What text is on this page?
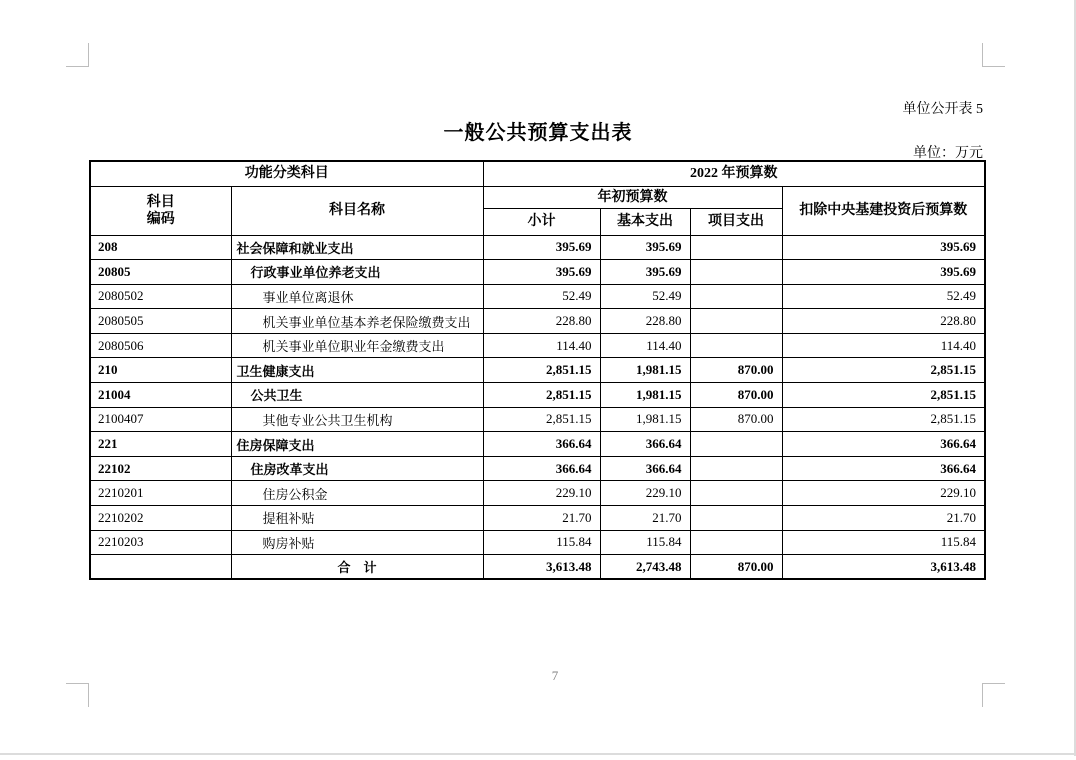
单位公开表 5
一般公共预算支出表
单位：万元
功能分类科目		2022 年预算数			
科目
编码	科目名称	年初预算数			扣除中央基建投资后预算数
		小计	基本支出	项目支出	
208	社会保障和就业支出	395.69	395.69		395.69
20805	行政事业单位养老支出	395.69	395.69		395.69
2080502	事业单位离退休	52.49	52.49		52.49
2080505	机关事业单位基本养老保险缴费支出	228.80	228.80		228.80
2080506	机关事业单位职业年金缴费支出	114.40	114.40		114.40
210	卫生健康支出	2,851.15	1,981.15	870.00	2,851.15
21004	公共卫生	2,851.15	1,981.15	870.00	2,851.15
2100407	其他专业公共卫生机构	2,851.15	1,981.15	870.00	2,851.15
221	住房保障支出	366.64	366.64		366.64
22102	住房改革支出	366.64	366.64		366.64
2210201	住房公积金	229.10	229.10		229.10
2210202	提租补贴	21.70	21.70		21.70
2210203	购房补贴	115.84	115.84		115.84
	合　计	3,613.48	2,743.48	870.00	3,613.48
7
